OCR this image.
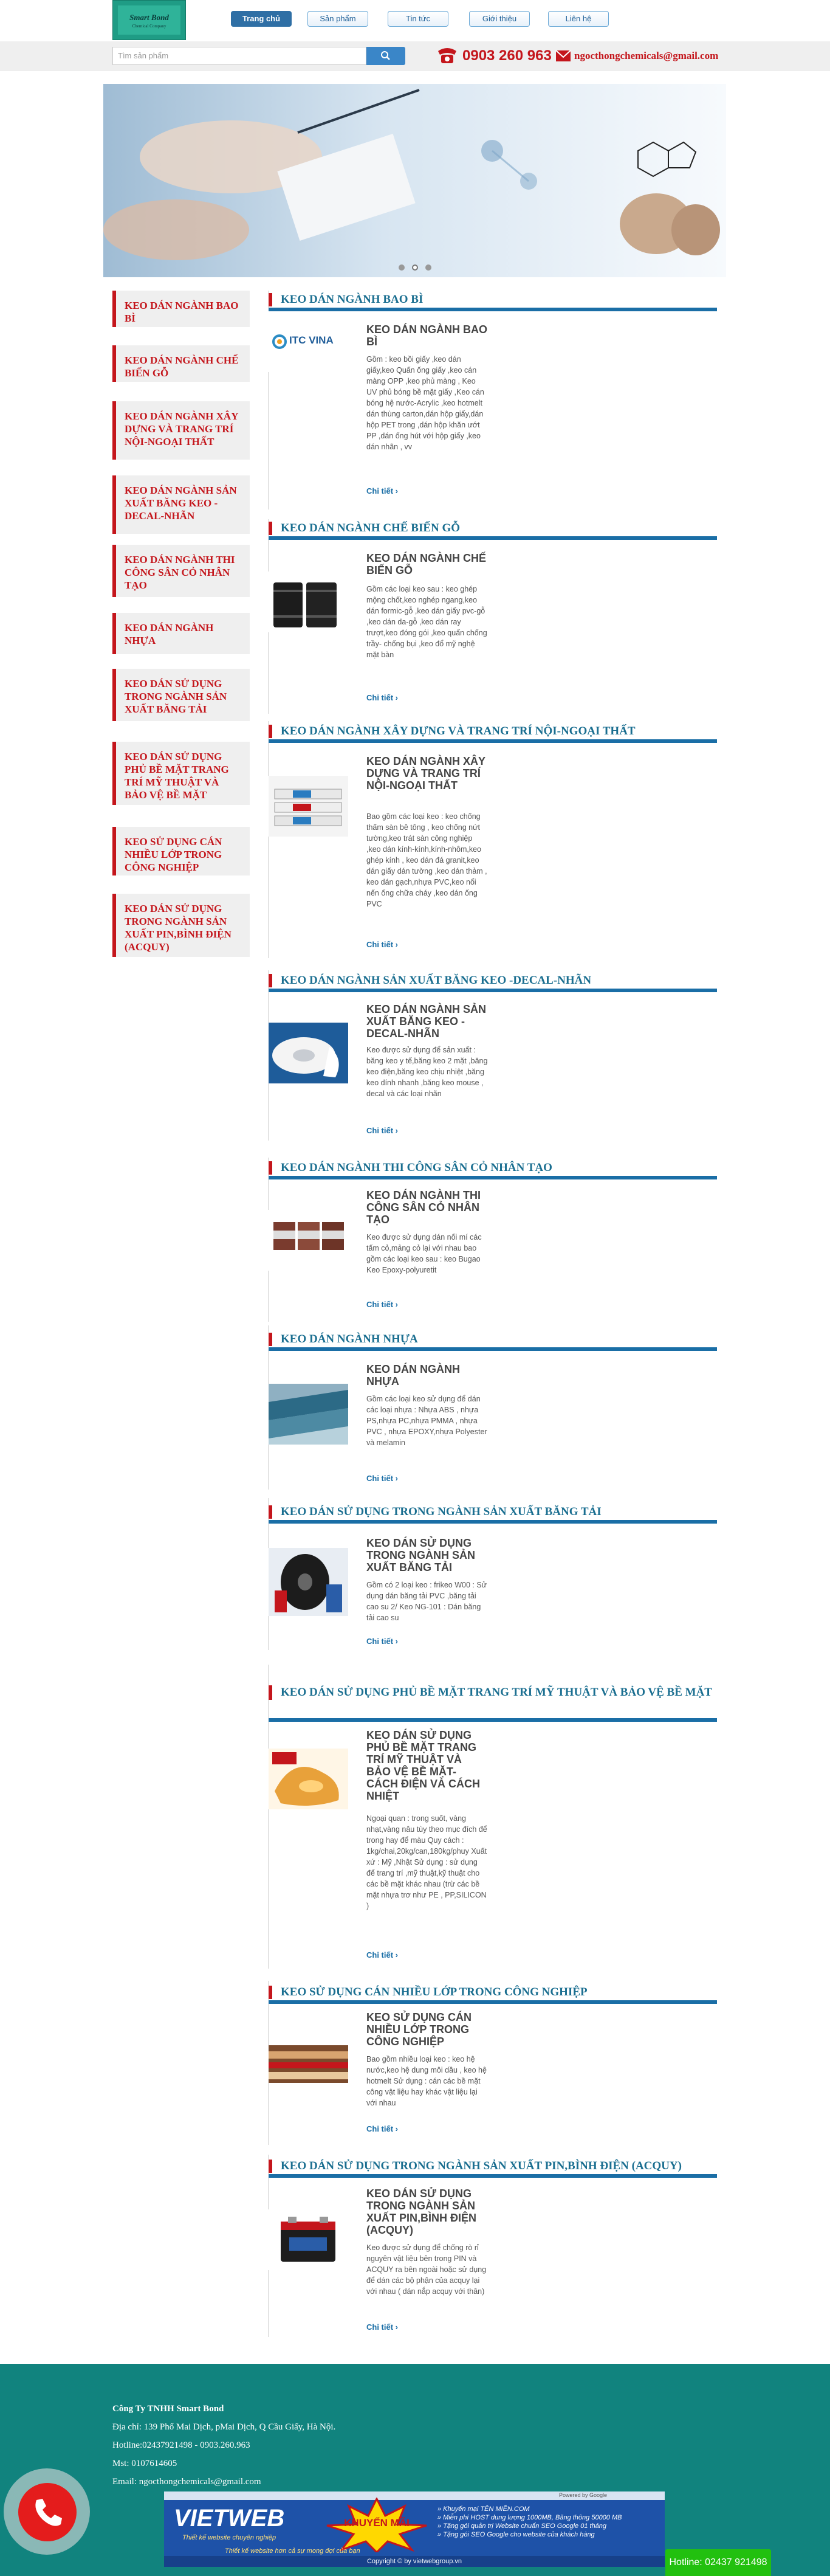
Smart Bond
Chemical Company
Trang chủ	Sản phẩm	Tin tức	Giới thiệu	Liên hệ
Tìm sản phẩm	0903 260 963 ngocthongchemicals@gmail.com
KEO DÁN NGÀNH BAO BÌ
KEO DÁN NGÀNH CHẾ BIẾN GỖ
KEO DÁN NGÀNH XÂY DỰNG VÀ TRANG TRÍ NỘI-NGOẠI THẤT
KEO DÁN NGÀNH SẢN XUẤT BĂNG KEO -DECAL-NHÃN
KEO DÁN NGÀNH THI CÔNG SÂN CỎ NHÂN TẠO
KEO DÁN NGÀNH NHỰA
KEO DÁN SỬ DỤNG TRONG NGÀNH SẢN XUẤT BĂNG TẢI
KEO DÁN SỬ DỤNG PHỦ BỀ MẶT TRANG TRÍ MỸ THUẬT VÀ BẢO VỆ BỀ MẶT
KEO SỬ DỤNG CÁN NHIỀU LỚP TRONG CÔNG NGHIỆP
KEO DÁN SỬ DỤNG TRONG NGÀNH SẢN XUẤT PIN,BÌNH ĐIỆN (ACQUY)
KEO DÁN NGÀNH BAO BÌ
ITC VINA
KEO DÁN NGÀNH BAO BÌ
Gồm : keo bồi giấy ,keo dán giấy,keo Quấn ống giấy ,keo cán màng OPP ,keo phủ màng , Keo UV phủ bóng bề mặt giấy ,Keo cán bóng hệ nước-Acrylic ,keo hotmelt dán thùng carton,dán hộp giấy,dán hộp PET trong ,dán hộp khăn ướt PP ,dán ống hút với hộp giấy ,keo dán nhãn , vv
Chi tiết ›
KEO DÁN NGÀNH CHẾ BIẾN GỖ
KEO DÁN NGÀNH CHẾ BIẾN GỖ
Gồm các loại keo sau : keo ghép mộng chốt,keo nghép ngang,keo dán formic-gỗ ,keo dán giấy pvc-gỗ ,keo dán da-gỗ ,keo dán ray trượt,keo đóng gói ,keo quấn chống trầy- chống bụi ,keo đổ mỹ nghệ mặt bàn
Chi tiết ›
KEO DÁN NGÀNH XÂY DỰNG VÀ TRANG TRÍ NỘI-NGOẠI THẤT
KEO DÁN NGÀNH XÂY DỰNG VÀ TRANG TRÍ NỘI-NGOẠI THẤT
Bao gồm các loại keo : keo chống thấm sàn bê tông , keo chống nứt tường,keo trát sàn công nghiệp ,keo dán kính-kính,kính-nhôm,keo ghép kính , keo dán đá granit,keo dán giấy dán tường ,keo dán thảm , keo dán gạch,nhựa PVC,keo nổi nến ống chữa cháy ,keo dán ống PVC
Chi tiết ›
KEO DÁN NGÀNH SẢN XUẤT BĂNG KEO -DECAL-NHÃN
KEO DÁN NGÀNH SẢN XUẤT BĂNG KEO -DECAL-NHÃN
Keo được sử dụng để sản xuất : băng keo y tế,băng keo 2 mặt ,băng keo điện,băng keo chịu nhiệt ,băng keo dính nhanh ,băng keo mouse , decal và các loại nhãn
Chi tiết ›
KEO DÁN NGÀNH THI CÔNG SÂN CỎ NHÂN TẠO
KEO DÁN NGÀNH THI CÔNG SÂN CỎ NHÂN TẠO
Keo được sử dụng dán nối mí các tấm cỏ,mảng cỏ lại với nhau bao gồm các loại keo sau : keo Bugao Keo Epoxy-polyuretit
Chi tiết ›
KEO DÁN NGÀNH NHỰA
KEO DÁN NGÀNH NHỰA
Gồm các loại keo sử dụng để dán các loại nhựa : Nhựa ABS , nhựa PS,nhựa PC,nhựa PMMA , nhựa PVC , nhựa EPOXY,nhựa Polyester và melamin
Chi tiết ›
KEO DÁN SỬ DỤNG TRONG NGÀNH SẢN XUẤT BĂNG TẢI
KEO DÁN SỬ DỤNG TRONG NGÀNH SẢN XUẤT BĂNG TẢI
Gồm có 2 loại keo : frikeo W00 : Sử dụng dán băng tải PVC ,băng tải cao su 2/ Keo NG-101 : Dán băng tải cao su
Chi tiết ›
KEO DÁN SỬ DỤNG PHỦ BỀ MẶT TRANG TRÍ MỸ THUẬT VÀ BẢO VỆ BỀ MẶT
KEO DÁN SỬ DỤNG PHỦ BỀ MẶT TRANG TRÍ MỸ THUẬT VÀ BẢO VỆ BỀ MẶT- CÁCH ĐIỆN VÀ CÁCH NHIỆT
Ngoại quan : trong suốt, vàng nhạt,vàng nâu tùy theo mục đích để trong hay để màu Quy cách : 1kg/chai,20kg/can,180kg/phuy Xuất xứ : Mỹ ,Nhật Sử dụng : sử dụng để trang trí ,mỹ thuật,kỹ thuật cho các bề mặt khác nhau (trừ các bề mặt nhựa trơ như PE , PP,SILICON )
Chi tiết ›
KEO SỬ DỤNG CÁN NHIỀU LỚP TRONG CÔNG NGHIỆP
KEO SỬ DỤNG CÁN NHIỀU LỚP TRONG CÔNG NGHIỆP
Bao gồm nhiều loại keo : keo hệ nước,keo hệ dung môi dầu , keo hệ hotmelt Sử dụng : cán các bề mặt công vật liệu hay khác vật liệu lại với nhau
Chi tiết ›
KEO DÁN SỬ DỤNG TRONG NGÀNH SẢN XUẤT PIN,BÌNH ĐIỆN (ACQUY)
KEO DÁN SỬ DỤNG TRONG NGÀNH SẢN XUẤT PIN,BÌNH ĐIỆN (ACQUY)
Keo được sử dụng để chống rò rỉ nguyên vật liệu bên trong PIN và ACQUY ra bên ngoài hoặc sử dụng để dán các bộ phận của acquy lại với nhau ( dán nắp acquy với thân)
Chi tiết ›
Công Ty TNHH Smart Bond
Địa chỉ: 139 Phố Mai Dịch, pMai Dịch, Q Cầu Giấy, Hà Nội.
Hotline:02437921498 - 0903.260.963
Mst: 0107614605
Email: ngocthongchemicals@gmail.com
Powered by Google
VIETWEB
Thiết kế website chuyên nghiệp
KHUYẾN MÃI
» Khuyến mại TÊN MIỀN.COM
» Miễn phí HOST dung lượng 1000MB, Băng thông 50000 MB
» Tặng gói quản trị Website chuẩn SEO Google 01 tháng
» Tặng gói SEO Google cho website của khách hàng
Thiết kế website hơn cả sự mong đợi của bạn
Copyright © by vietwebgroup.vn	Hotline: 02437 921498
